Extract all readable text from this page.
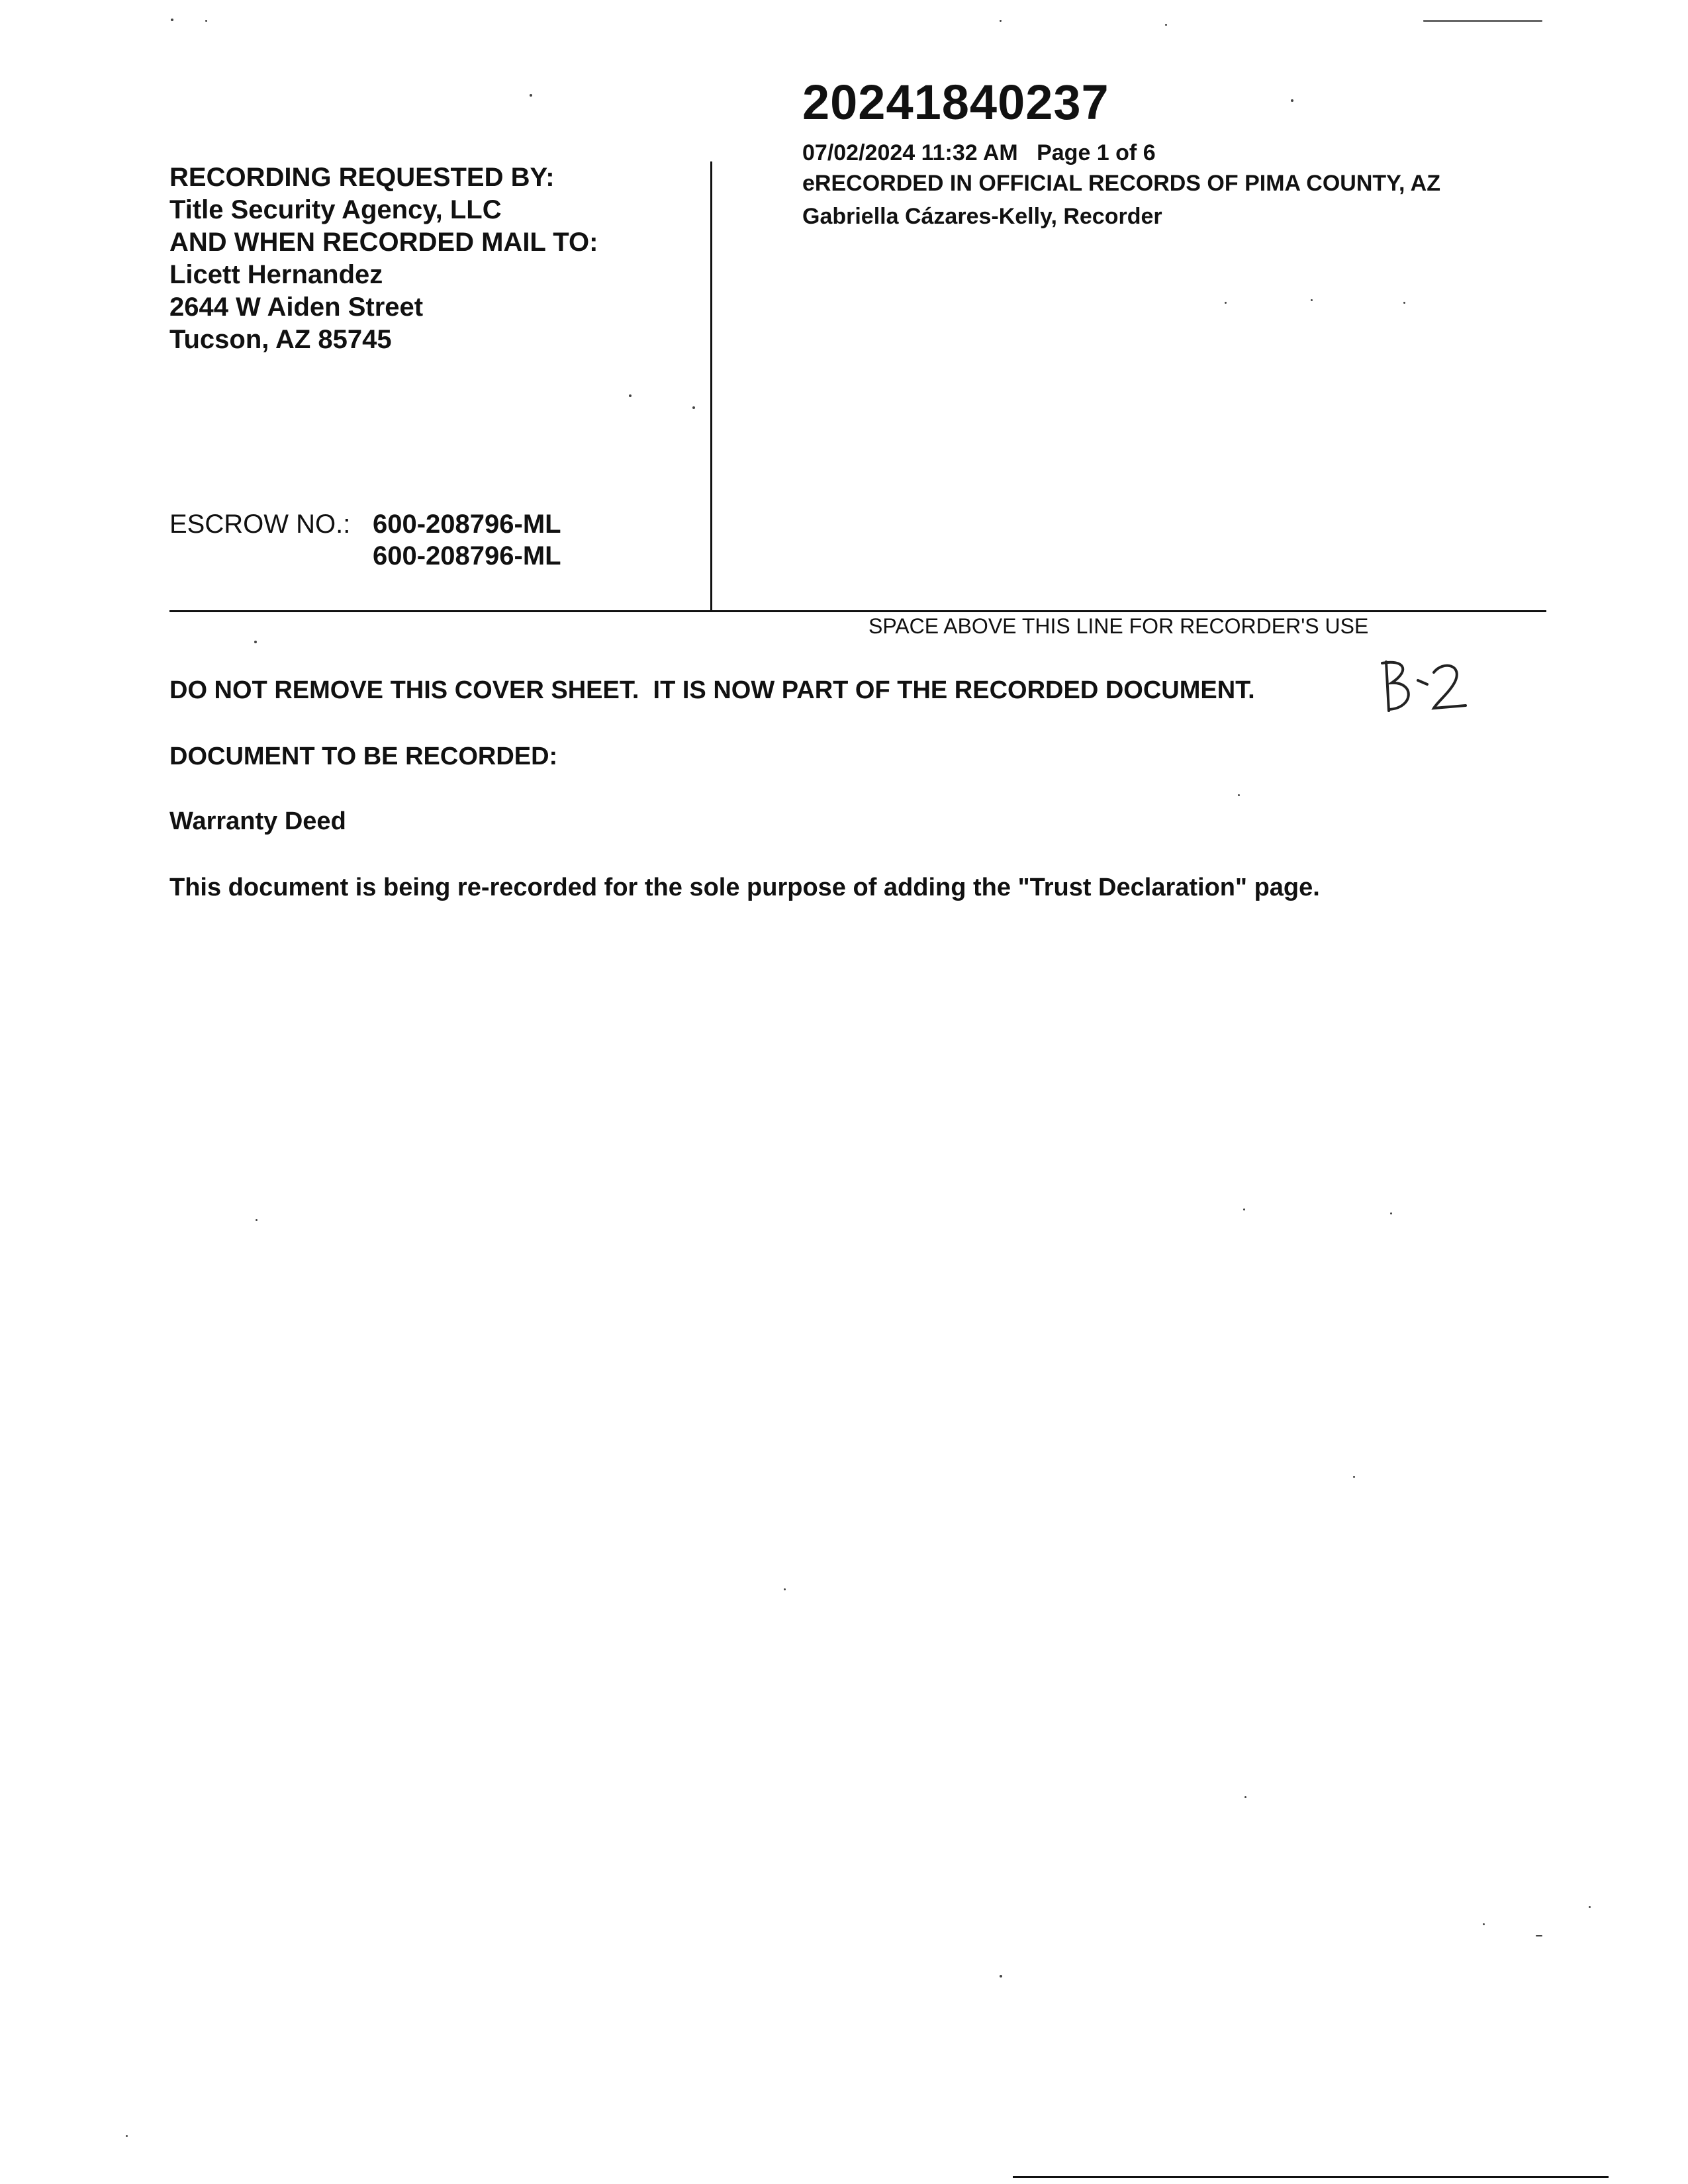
20241840237
07/02/2024 11:32 AM   Page 1 of 6
eRECORDED IN OFFICIAL RECORDS OF PIMA COUNTY, AZ
Gabriella Cázares-Kelly, Recorder
RECORDING REQUESTED BY:
Title Security Agency, LLC
AND WHEN RECORDED MAIL TO:
Licett Hernandez
2644 W Aiden Street
Tucson, AZ 85745
ESCROW NO.: 600-208796-ML
600-208796-ML
SPACE ABOVE THIS LINE FOR RECORDER'S USE
DO NOT REMOVE THIS COVER SHEET.  IT IS NOW PART OF THE RECORDED DOCUMENT.
DOCUMENT TO BE RECORDED:
Warranty Deed
This document is being re-recorded for the sole purpose of adding the "Trust Declaration" page.
